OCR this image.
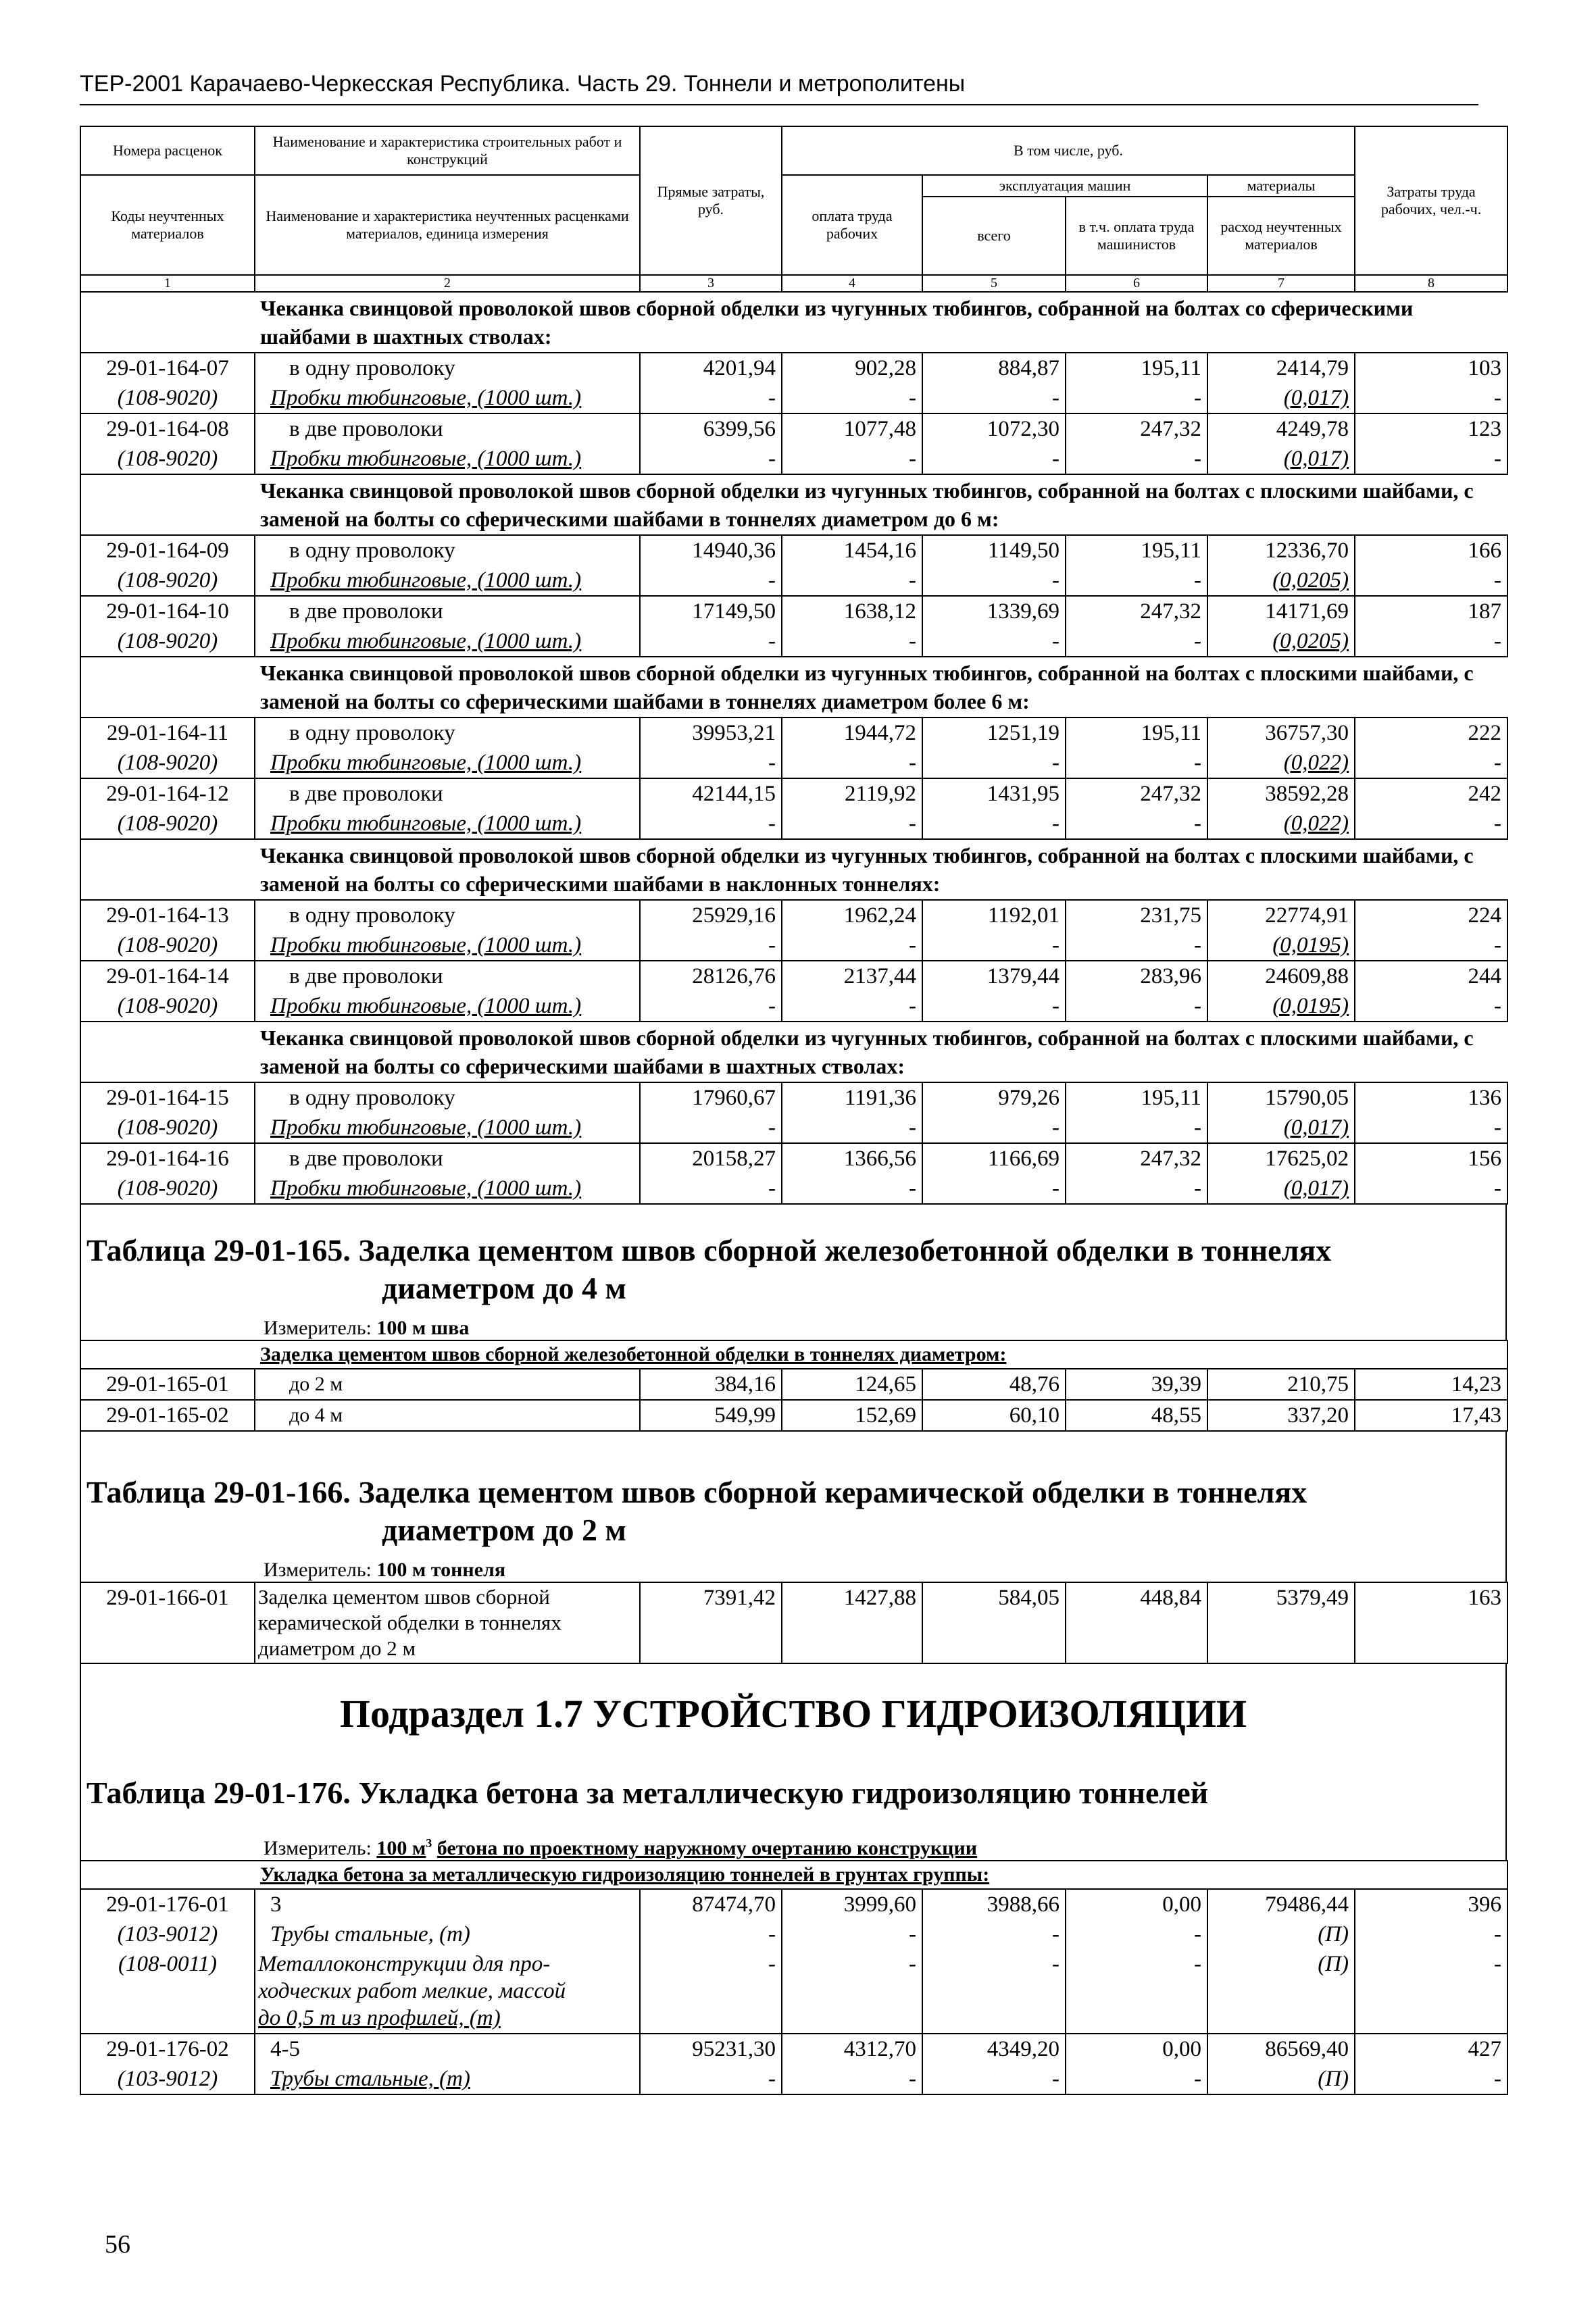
ТЕР-2001 Карачаево-Черкесская Республика. Часть 29. Тоннели и метрополитены
Номера расценок	Наименование и характеристика строительных работ и конструкций	Прямые затраты, руб.	В том числе, руб.				Затраты труда рабочих, чел.-ч.
Коды неучтенных материалов	Наименование и характеристика неучтенных расценками материалов, единица измерения		оплата труда рабочих	эксплуатация машин		материалы	
				всего	в т.ч. оплата труда машинистов	расход неучтенных материалов	
1	2	3	4	5	6	7	8
	Чеканка свинцовой проволокой швов сборной обделки из чугунных тюбингов, собранной на болтах со сферическими шайбами в шахтных стволах:						
29-01-164-07	в одну проволоку	4201,94	902,28	884,87	195,11	2414,79	103
(108-9020)	Пробки тюбинговые, (1000 шт.)	-	-	-	-	(0,017)	-
29-01-164-08	в две проволоки	6399,56	1077,48	1072,30	247,32	4249,78	123
(108-9020)	Пробки тюбинговые, (1000 шт.)	-	-	-	-	(0,017)	-
	Чеканка свинцовой проволокой швов сборной обделки из чугунных тюбингов, собранной на болтах с плоскими шайбами, с заменой на болты со сферическими шайбами в тоннелях диаметром до 6 м:						
29-01-164-09	в одну проволоку	14940,36	1454,16	1149,50	195,11	12336,70	166
(108-9020)	Пробки тюбинговые, (1000 шт.)	-	-	-	-	(0,0205)	-
29-01-164-10	в две проволоки	17149,50	1638,12	1339,69	247,32	14171,69	187
(108-9020)	Пробки тюбинговые, (1000 шт.)	-	-	-	-	(0,0205)	-
	Чеканка свинцовой проволокой швов сборной обделки из чугунных тюбингов, собранной на болтах с плоскими шайбами, с заменой на болты со сферическими шайбами в тоннелях диаметром более 6 м:						
29-01-164-11	в одну проволоку	39953,21	1944,72	1251,19	195,11	36757,30	222
(108-9020)	Пробки тюбинговые, (1000 шт.)	-	-	-	-	(0,022)	-
29-01-164-12	в две проволоки	42144,15	2119,92	1431,95	247,32	38592,28	242
(108-9020)	Пробки тюбинговые, (1000 шт.)	-	-	-	-	(0,022)	-
	Чеканка свинцовой проволокой швов сборной обделки из чугунных тюбингов, собранной на болтах с плоскими шайбами, с заменой на болты со сферическими шайбами в наклонных тоннелях:						
29-01-164-13	в одну проволоку	25929,16	1962,24	1192,01	231,75	22774,91	224
(108-9020)	Пробки тюбинговые, (1000 шт.)	-	-	-	-	(0,0195)	-
29-01-164-14	в две проволоки	28126,76	2137,44	1379,44	283,96	24609,88	244
(108-9020)	Пробки тюбинговые, (1000 шт.)	-	-	-	-	(0,0195)	-
	Чеканка свинцовой проволокой швов сборной обделки из чугунных тюбингов, собранной на болтах с плоскими шайбами, с заменой на болты со сферическими шайбами в шахтных стволах:						
29-01-164-15	в одну проволоку	17960,67	1191,36	979,26	195,11	15790,05	136
(108-9020)	Пробки тюбинговые, (1000 шт.)	-	-	-	-	(0,017)	-
29-01-164-16	в две проволоки	20158,27	1366,56	1166,69	247,32	17625,02	156
(108-9020)	Пробки тюбинговые, (1000 шт.)	-	-	-	-	(0,017)	-

Таблица 29-01-165. Заделка цементом швов сборной железобетонной обделки в тоннелях

диаметром до 4 м

Измеритель: 100 м шва
	Заделка цементом швов сборной железобетонной обделки в тоннелях диаметром:						
29-01-165-01	до 2 м	384,16	124,65	48,76	39,39	210,75	14,23
29-01-165-02	до 4 м	549,99	152,69	60,10	48,55	337,20	17,43

Таблица 29-01-166. Заделка цементом швов сборной керамической обделки в тоннелях

диаметром до 2 м

Измеритель: 100 м тоннеля
29-01-166-01	Заделка цементом швов сборной
керамической обделки в тоннелях
диаметром до 2 м
	7391,42	1427,88	584,05	448,84	5379,49	163

Подраздел 1.7 УСТРОЙСТВО ГИДРОИЗОЛЯЦИИ

Таблица 29-01-176. Укладка бетона за металлическую гидроизоляцию тоннелей

Измеритель: 100 $м^3$ бетона по проектному наружному очертанию конструкции
	Укладка бетона за металлическую гидроизоляцию тоннелей в грунтах группы:						
29-01-176-01	3	87474,70	3999,60	3988,66	0,00	79486,44	396
(103-9012)	Трубы стальные, (т)	-	-	-	-	(П)	-
(108-0011)	Металлоконструкции для про-
ходческих работ мелкие, массой
до 0,5 т из профилей, (т)	-	-	-	-	(П)	-
29-01-176-02	4-5	95231,30	4312,70	4349,20	0,00	86569,40	427
(103-9012)	Трубы стальные, (т)	-	-	-	-	(П)	-
56
